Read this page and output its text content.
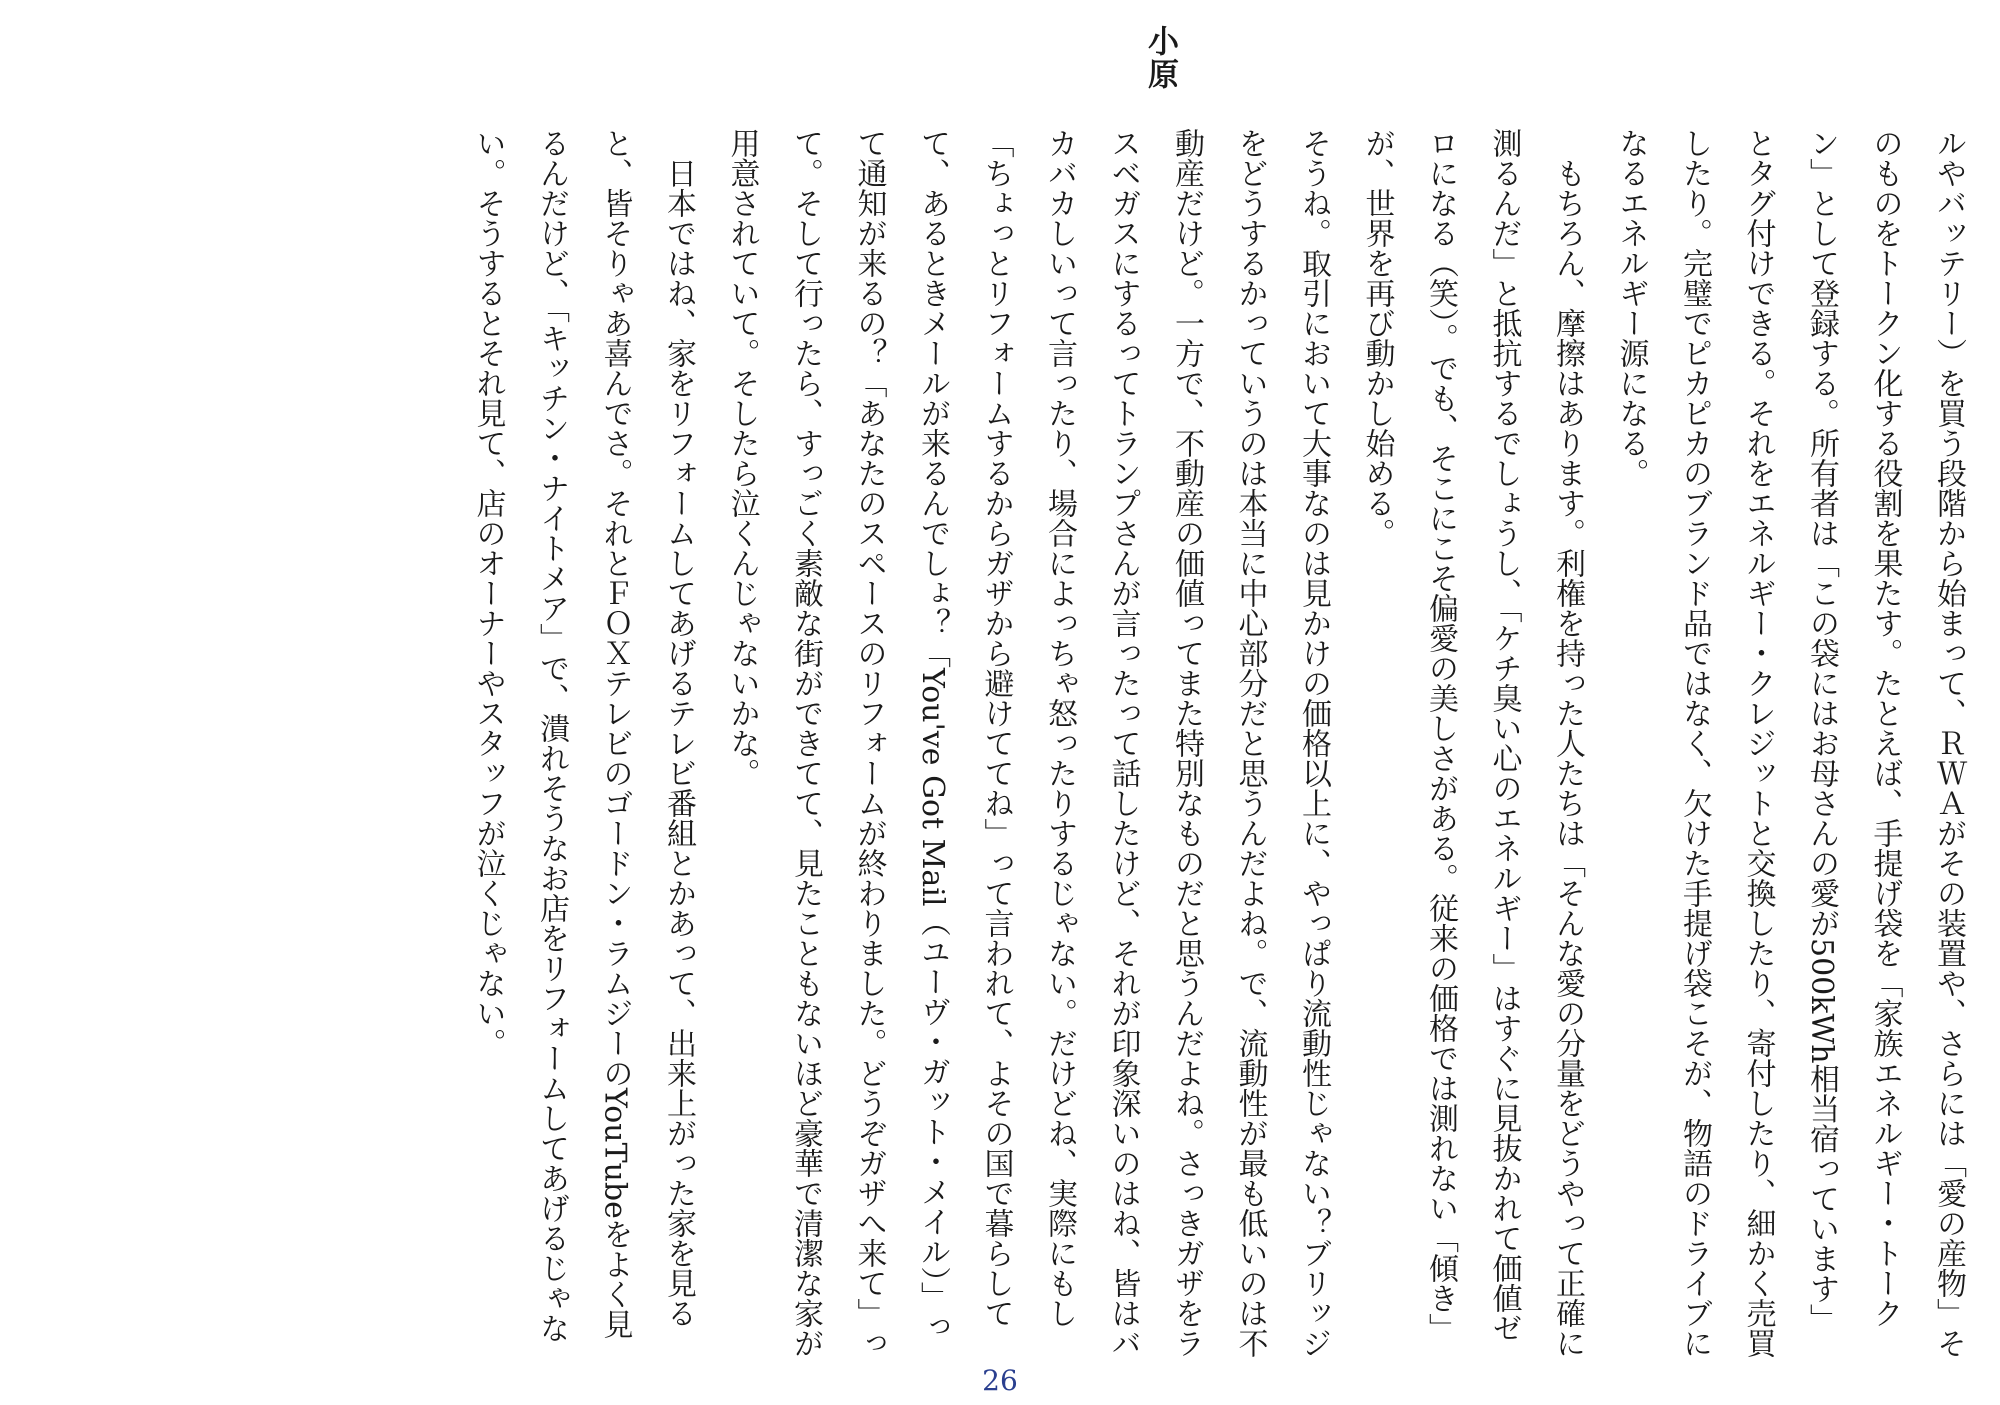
小原

ルやバッテリー）を買う段階から始まって、ＲＷＡがその装置や、さらには「愛の産物」そのものをトークン化する役割を果たす。たとえば、手提げ袋を「家族エネルギー・トークン」として登録する。所有者は「この袋にはお母さんの愛が500kWh相当宿っています」とタグ付けできる。それをエネルギー・クレジットと交換したり、寄付したり、細かく売買したり。完璧でピカピカのブランド品ではなく、欠けた手提げ袋こそが、物語のドライブになるエネルギー源になる。

もちろん、摩擦はあります。利権を持った人たちは「そんな愛の分量をどうやって正確に測るんだ」と抵抗するでしょうし、「ケチ臭い心のエネルギー」はすぐに見抜かれて価値ゼロになる（笑）。でも、そこにこそ偏愛の美しさがある。従来の価格では測れない「傾き」が、世界を再び動かし始める。

そうね。取引において大事なのは見かけの価格以上に、やっぱり流動性じゃない？ブリッジをどうするかっていうのは本当に中心部分だと思うんだよね。で、流動性が最も低いのは不動産だけど。一方で、不動産の価値ってまた特別なものだと思うんだよね。さっきガザをラスベガスにするってトランプさんが言ったって話したけど、それが印象深いのはね、皆はバカバカしいって言ったり、場合によっちゃ怒ったりするじゃない。だけどね、実際にもし「ちょっとリフォームするからガザから避けててね」って言われて、よその国で暮らしてて、あるときメールが来るんでしょ？「You've Got Mail（ユーヴ・ガット・メイル）」って通知が来るの？「あなたのスペースのリフォームが終わりました。どうぞガザへ来て」って。そして行ったら、すっごく素敵な街ができてて、見たこともないほど豪華で清潔な家が用意されていて。そしたら泣くんじゃないかな。

日本ではね、家をリフォームしてあげるテレビ番組とかあって、出来上がった家を見ると、皆そりゃあ喜んでさ。それとＦＯＸテレビのゴードン・ラムジーのYouTubeをよく見るんだけど、「キッチン・ナイトメア」で、潰れそうなお店をリフォームしてあげるじゃない。そうするとそれ見て、店のオーナーやスタッフが泣くじゃない。

26
